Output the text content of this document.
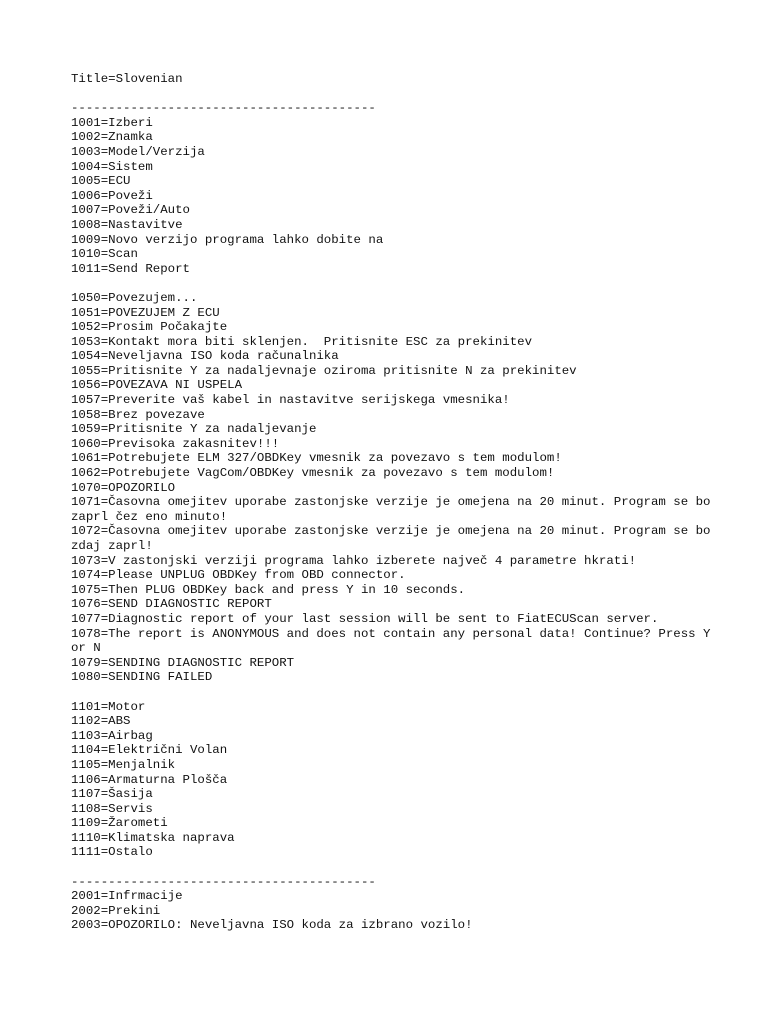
Title=Slovenian
-----------------------------------------
1001=Izberi
1002=Znamka
1003=Model/Verzija
1004=Sistem
1005=ECU
1006=Poveži
1007=Poveži/Auto
1008=Nastavitve
1009=Novo verzijo programa lahko dobite na
1010=Scan
1011=Send Report
1050=Povezujem...
1051=POVEZUJEM Z ECU
1052=Prosim Počakajte
1053=Kontakt mora biti sklenjen.  Pritisnite ESC za prekinitev
1054=Neveljavna ISO koda računalnika
1055=Pritisnite Y za nadaljevnaje oziroma pritisnite N za prekinitev
1056=POVEZAVA NI USPELA
1057=Preverite vaš kabel in nastavitve serijskega vmesnika!
1058=Brez povezave
1059=Pritisnite Y za nadaljevanje
1060=Previsoka zakasnitev!!!
1061=Potrebujete ELM 327/OBDKey vmesnik za povezavo s tem modulom!
1062=Potrebujete VagCom/OBDKey vmesnik za povezavo s tem modulom!
1070=OPOZORILO
1071=Časovna omejitev uporabe zastonjske verzije je omejena na 20 minut. Program se bo zaprl čez eno minuto!
1072=Časovna omejitev uporabe zastonjske verzije je omejena na 20 minut. Program se bo zdaj zaprl!
1073=V zastonjski verziji programa lahko izberete največ 4 parametre hkrati!
1074=Please UNPLUG OBDKey from OBD connector.
1075=Then PLUG OBDKey back and press Y in 10 seconds.
1076=SEND DIAGNOSTIC REPORT
1077=Diagnostic report of your last session will be sent to FiatECUScan server.
1078=The report is ANONYMOUS and does not contain any personal data! Continue? Press Y or N
1079=SENDING DIAGNOSTIC REPORT
1080=SENDING FAILED
1101=Motor
1102=ABS
1103=Airbag
1104=Električni Volan
1105=Menjalnik
1106=Armaturna Plošča
1107=Šasija
1108=Servis
1109=Žarometi
1110=Klimatska naprava
1111=Ostalo
-----------------------------------------
2001=Infrmacije
2002=Prekini
2003=OPOZORILO: Neveljavna ISO koda za izbrano vozilo!
